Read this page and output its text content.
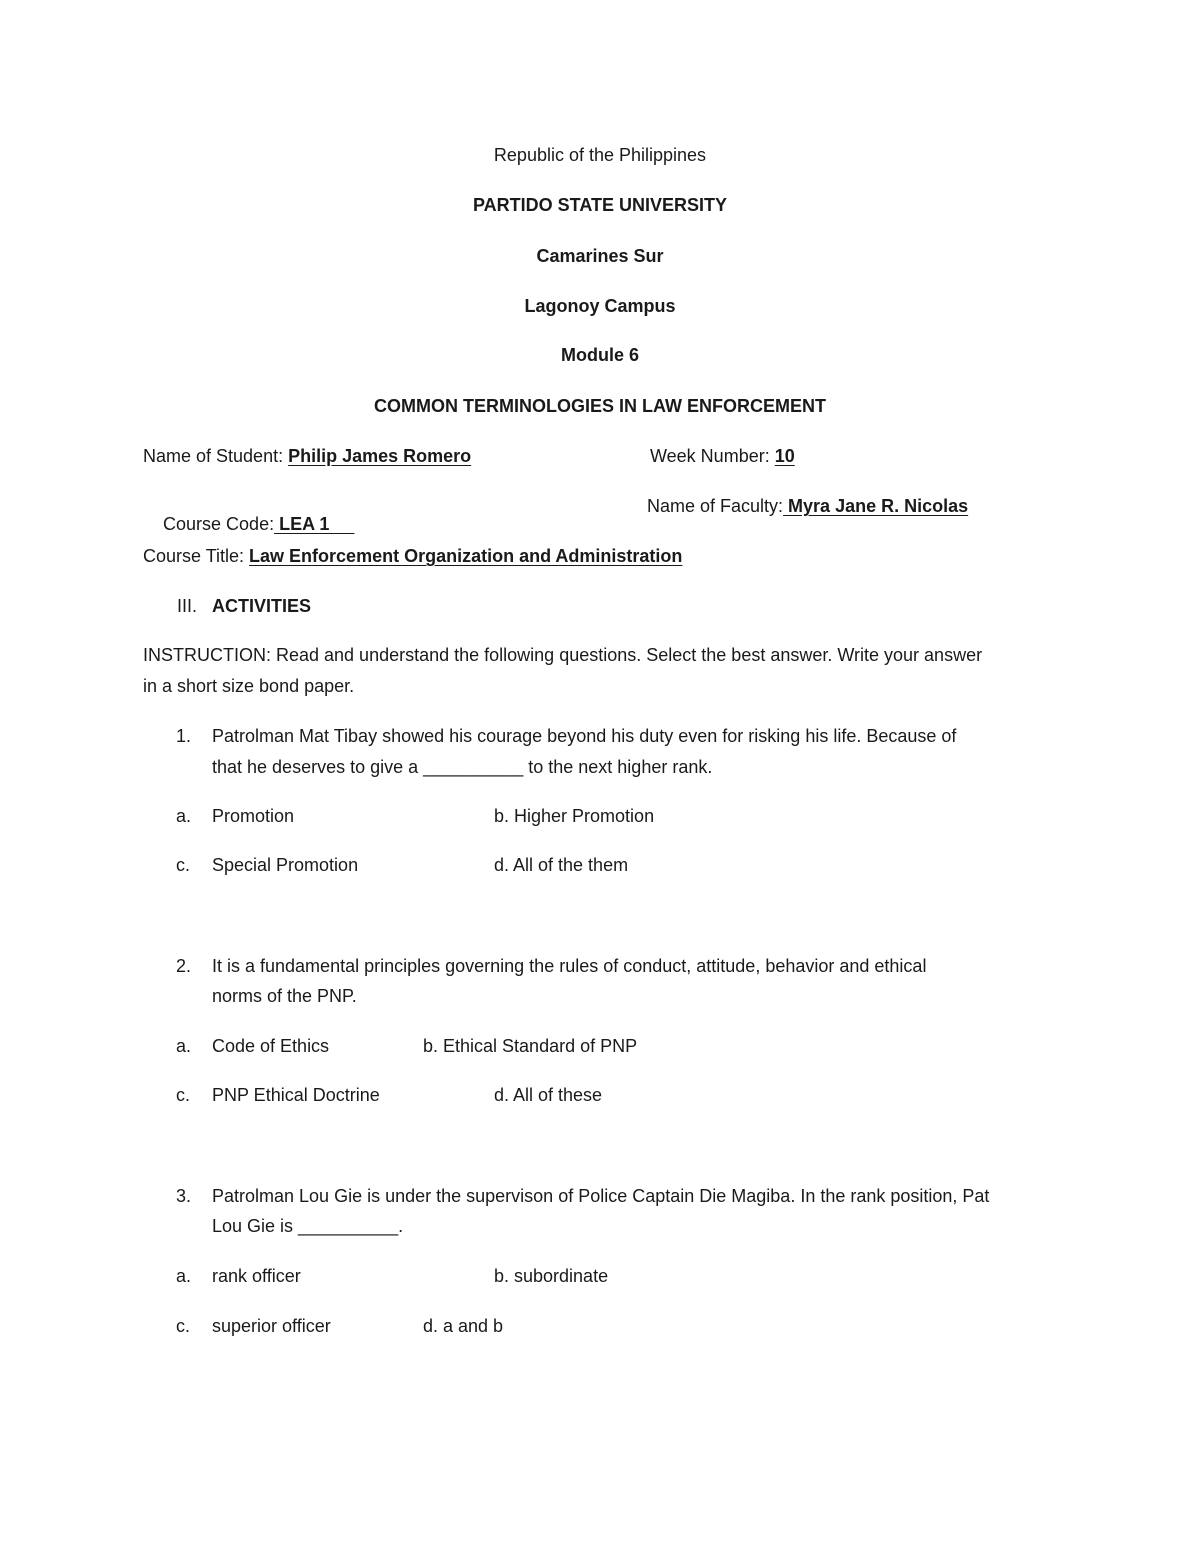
Republic of the Philippines
PARTIDO STATE UNIVERSITY
Camarines Sur
Lagonoy Campus
Module 6
COMMON TERMINOLOGIES IN LAW ENFORCEMENT
Name of Student: Philip James Romero	Week Number: 10

Course Code: LEA 1

Name of Faculty: Myra Jane R. Nicolas
Course Title: Law Enforcement Organization and Administration
III. ACTIVITIES
INSTRUCTION: Read and understand the following questions. Select the best answer. Write your answer
in a short size bond paper.
1. Patrolman Mat Tibay showed his courage beyond his duty even for risking his life. Because of
that he deserves to give a __________ to the next higher rank.
a. Promotion	b. Higher Promotion
c. Special Promotion	d. All of the them
2. It is a fundamental principles governing the rules of conduct, attitude, behavior and ethical
norms of the PNP.
a. Code of Ethics	b. Ethical Standard of PNP
c. PNP Ethical Doctrine	d. All of these
3. Patrolman Lou Gie is under the supervison of Police Captain Die Magiba. In the rank position, Pat
Lou Gie is __________.
a. rank officer	b. subordinate
c. superior officer	d. a and b
